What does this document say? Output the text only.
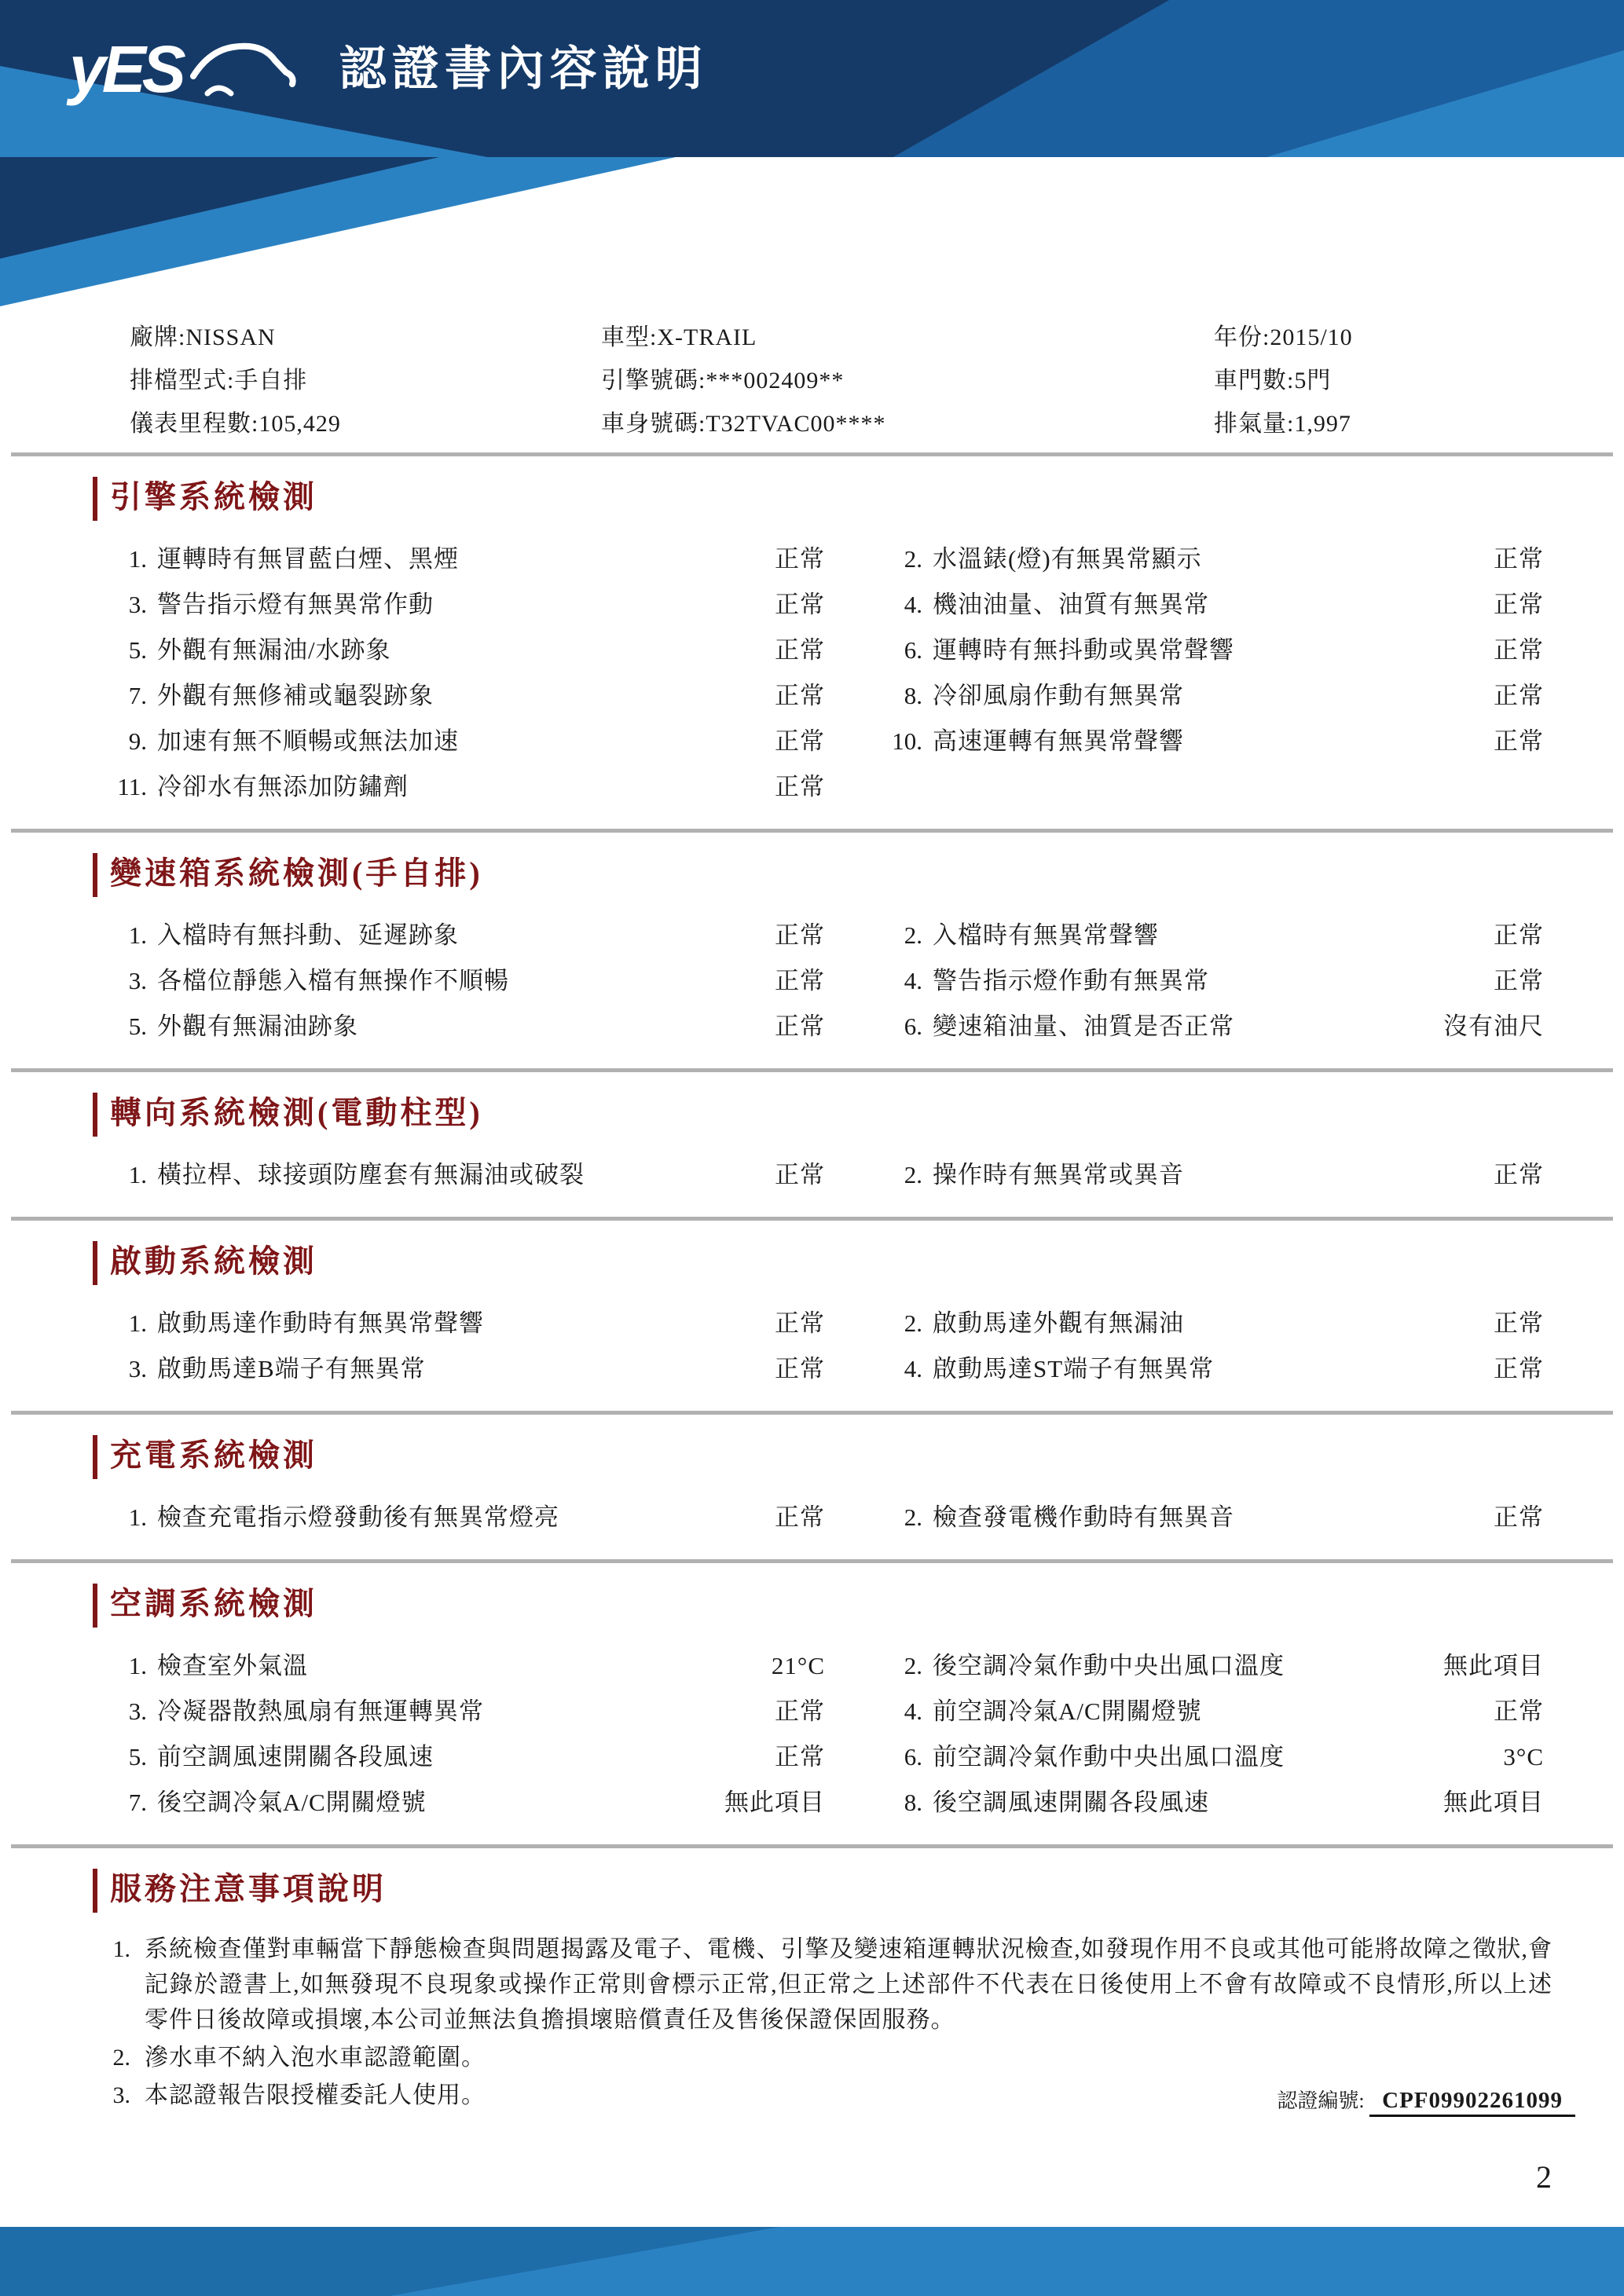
yES	認證書內容說明
廠牌:NISSAN	車型:X-TRAIL	年份:2015/10
排檔型式:手自排	引擎號碼:***002409**	車門數:5門
儀表里程數:105,429	車身號碼:T32TVAC00****	排氣量:1,997
引擎系統檢測
1. 運轉時有無冒藍白煙、黑煙	正常	2. 水溫錶(燈)有無異常顯示	正常
3. 警告指示燈有無異常作動	正常	4. 機油油量、油質有無異常	正常
5. 外觀有無漏油/水跡象	正常	6. 運轉時有無抖動或異常聲響	正常
7. 外觀有無修補或龜裂跡象	正常	8. 冷卻風扇作動有無異常	正常
9. 加速有無不順暢或無法加速	正常	10. 高速運轉有無異常聲響	正常
11. 冷卻水有無添加防鏽劑	正常
變速箱系統檢測(手自排)
1. 入檔時有無抖動、延遲跡象	正常	2. 入檔時有無異常聲響	正常
3. 各檔位靜態入檔有無操作不順暢	正常	4. 警告指示燈作動有無異常	正常
5. 外觀有無漏油跡象	正常	6. 變速箱油量、油質是否正常	沒有油尺
轉向系統檢測(電動柱型)
1. 橫拉桿、球接頭防塵套有無漏油或破裂	正常	2. 操作時有無異常或異音	正常
啟動系統檢測
1. 啟動馬達作動時有無異常聲響	正常	2. 啟動馬達外觀有無漏油	正常
3. 啟動馬達B端子有無異常	正常	4. 啟動馬達ST端子有無異常	正常
充電系統檢測
1. 檢查充電指示燈發動後有無異常燈亮	正常	2. 檢查發電機作動時有無異音	正常
空調系統檢測
1. 檢查室外氣溫	21°C	2. 後空調冷氣作動中央出風口溫度	無此項目
3. 冷凝器散熱風扇有無運轉異常	正常	4. 前空調冷氣A/C開關燈號	正常
5. 前空調風速開關各段風速	正常	6. 前空調冷氣作動中央出風口溫度	3°C
7. 後空調冷氣A/C開關燈號	無此項目	8. 後空調風速開關各段風速	無此項目
服務注意事項說明
1. 系統檢查僅對車輛當下靜態檢查與問題揭露及電子、電機、引擎及變速箱運轉狀況檢查,如發現作用不良或其他可能將故障之徵狀,會記錄於證書上,如無發現不良現象或操作正常則會標示正常,但正常之上述部件不代表在日後使用上不會有故障或不良情形,所以上述零件日後故障或損壞,本公司並無法負擔損壞賠償責任及售後保證保固服務。
2. 滲水車不納入泡水車認證範圍。
3. 本認證報告限授權委託人使用。	認證編號: CPF09902261099
2
